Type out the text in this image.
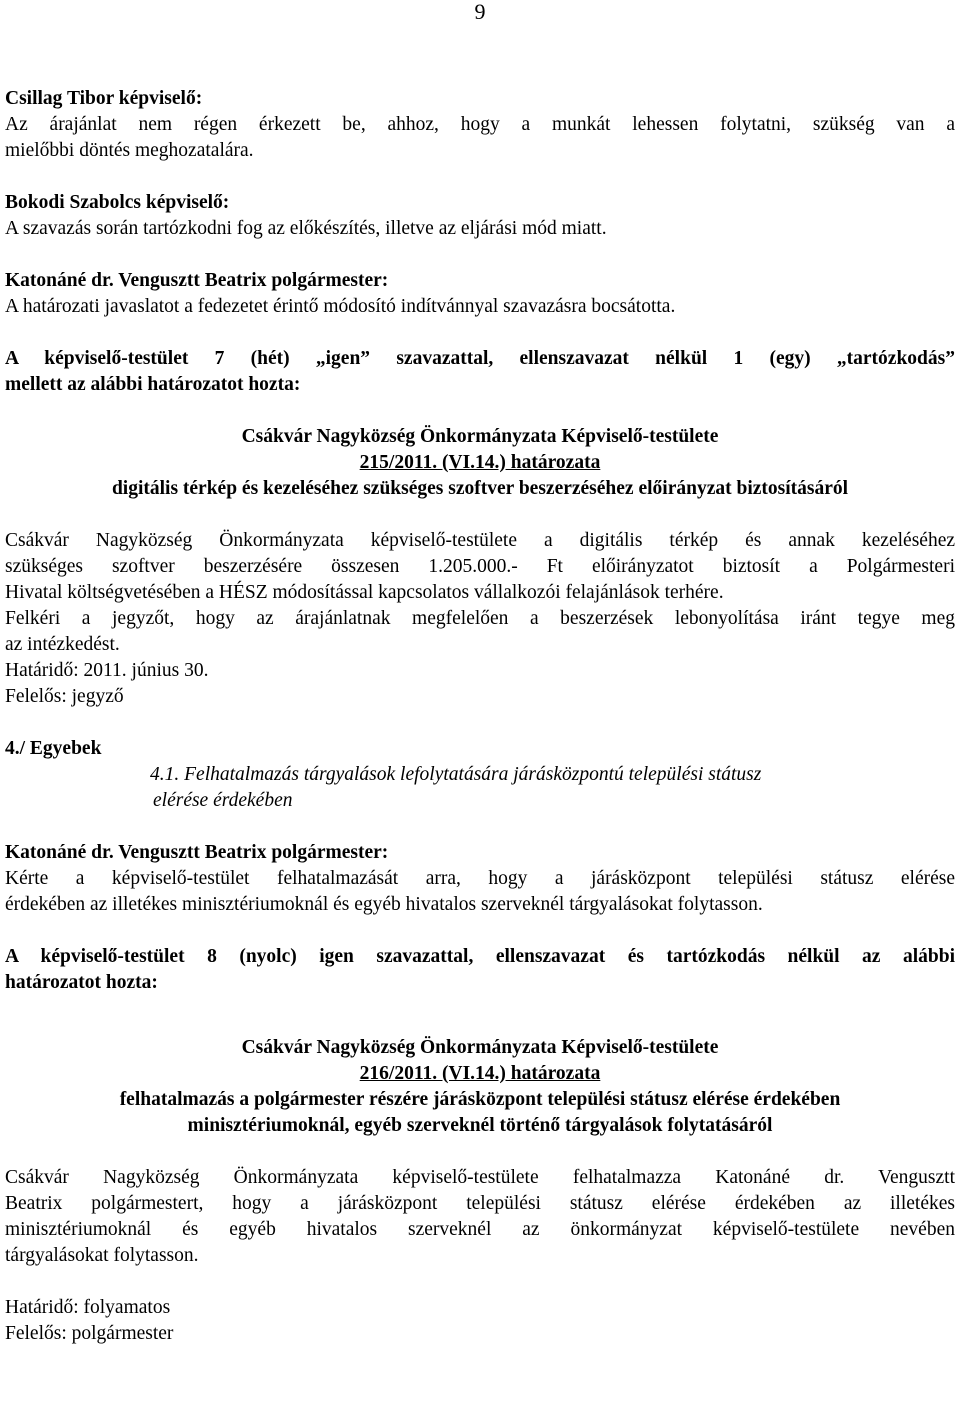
9

Csillag Tibor képviselő:

Az árajánlat nem régen érkezett be, ahhoz, hogy a munkát lehessen folytatni, szükség van a

mielőbbi döntés meghozatalára.

Bokodi Szabolcs képviselő:

A szavazás során tartózkodni fog az előkészítés, illetve az eljárási mód miatt.

Katonáné dr. Vengusztt Beatrix polgármester:

A határozati javaslatot a fedezetet érintő módosító indítvánnyal szavazásra bocsátotta.

A képviselő-testület 7 (hét) „igen” szavazattal, ellenszavazat nélkül 1 (egy) „tartózkodás”

mellett az alábbi határozatot hozta:

Csákvár Nagyközség Önkormányzata Képviselő-testülete

215/2011. (VI.14.) határozata

digitális térkép és kezeléséhez szükséges szoftver beszerzéséhez előirányzat biztosításáról

Csákvár Nagyközség Önkormányzata képviselő-testülete a digitális térkép és annak kezeléséhez

szükséges szoftver beszerzésére összesen 1.205.000.- Ft előirányzatot biztosít a Polgármesteri

Hivatal költségvetésében a HÉSZ módosítással kapcsolatos vállalkozói felajánlások terhére.

Felkéri a jegyzőt, hogy az árajánlatnak megfelelően a beszerzések lebonyolítása iránt tegye meg

az intézkedést.

Határidő: 2011. június 30.

Felelős: jegyző

4./ Egyebek

4.1. Felhatalmazás tárgyalások lefolytatására járásközpontú települési státusz

elérése érdekében

Katonáné dr. Vengusztt Beatrix polgármester:

Kérte a képviselő-testület felhatalmazását arra, hogy a járásközpont települési státusz elérése

érdekében az illetékes minisztériumoknál és egyéb hivatalos szerveknél tárgyalásokat folytasson.

A képviselő-testület 8 (nyolc) igen szavazattal, ellenszavazat és tartózkodás nélkül az alábbi

határozatot hozta:

Csákvár Nagyközség Önkormányzata Képviselő-testülete

216/2011. (VI.14.) határozata

felhatalmazás a polgármester részére járásközpont települési státusz elérése érdekében

minisztériumoknál, egyéb szerveknél történő tárgyalások folytatásáról

Csákvár Nagyközség Önkormányzata képviselő-testülete felhatalmazza Katonáné dr. Vengusztt

Beatrix polgármestert, hogy a járásközpont települési státusz elérése érdekében az illetékes

minisztériumoknál és egyéb hivatalos szerveknél az önkormányzat képviselő-testülete nevében

tárgyalásokat folytasson.

Határidő: folyamatos

Felelős: polgármester
